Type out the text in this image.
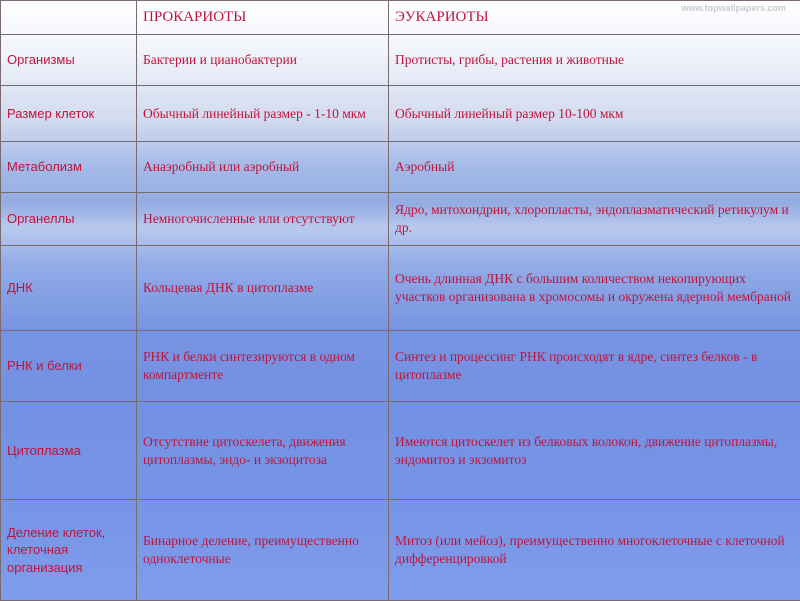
www.topwallpapers.com
	ПРОКАРИОТЫ	ЭУКАРИОТЫ
Организмы	Бактерии и цианобактерии	Протисты, грибы, растения и животные
Размер клеток	Обычный линейный размер - 1-10 мкм	Обычный линейный размер 10-100 мкм
Метаболизм	Анаэробный или аэробный	Аэробный
Органеллы	Немногочисленные или отсутствуют	Ядро, митохондрии, хлоропласты, эндоплазматический ретикулум и др.
ДНК	Кольцевая ДНК в цитоплазме	Очень длинная ДНК с большим количеством некопирующих участков организована в хромосомы и окружена ядерной мембраной
РНК и белки	РНК и белки синтезируются в одном компартменте	Синтез и процессинг РНК происходят в ядре, синтез белков - в цитоплазме
Цитоплазма	Отсутствие цитоскелета, движения цитоплазмы, эндо- и экзоцитоза	Имеются цитоскелет из белковых волокон, движение цитоплазмы, эндомитоз и экзомитоз
Деление клеток, клеточная организация	Бинарное деление, преимущественно одноклеточные	Митоз (или мейоз), преимущественно многоклеточные с клеточной дифференцировкой
